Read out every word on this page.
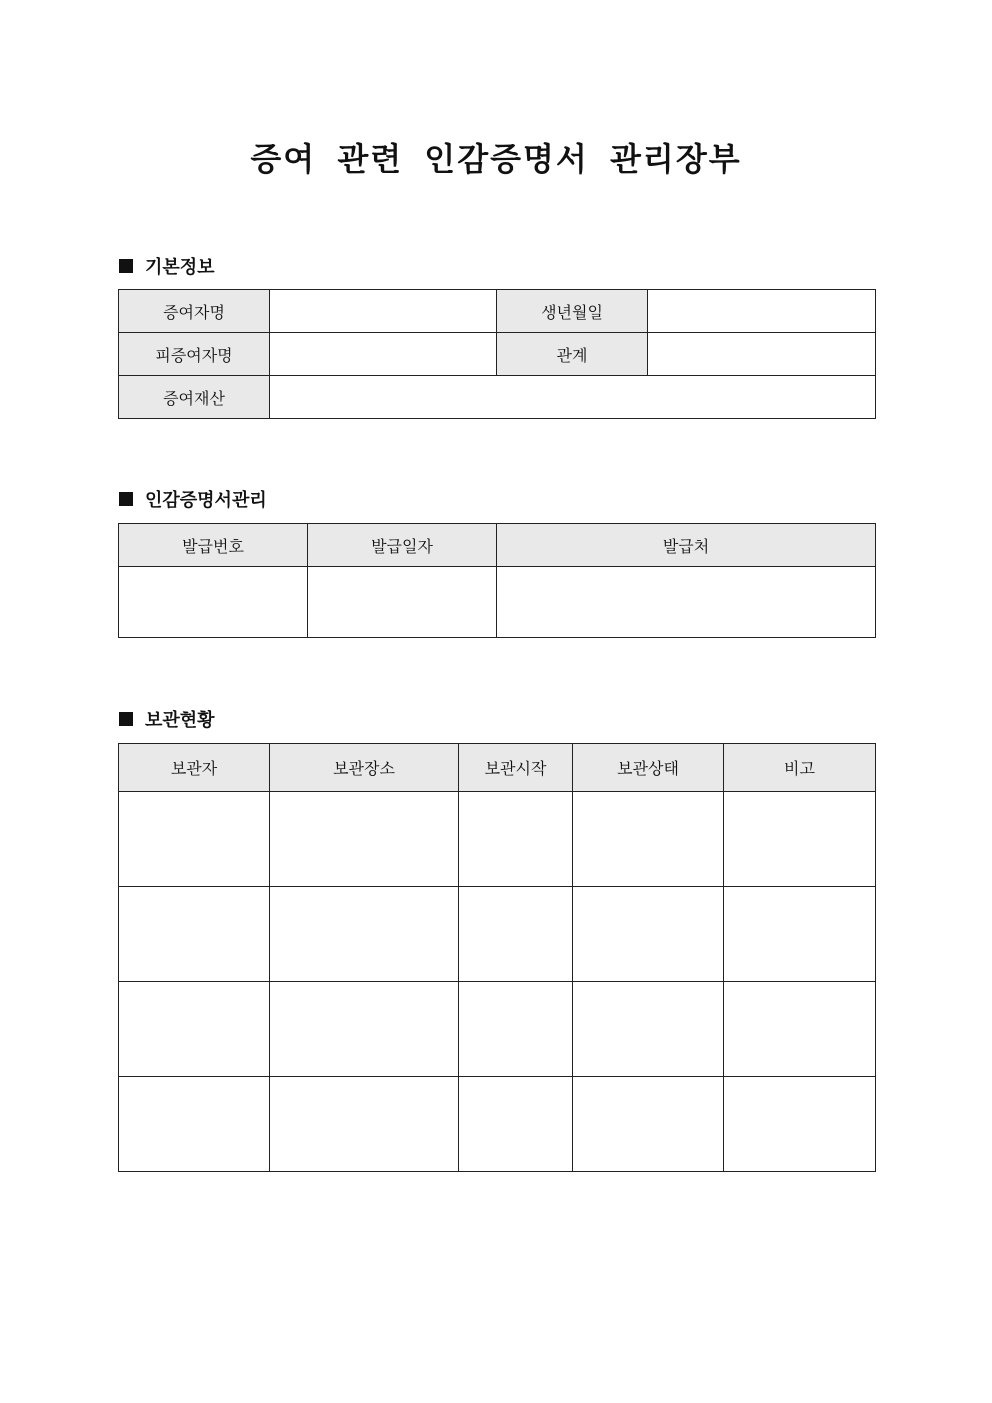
증여 관련 인감증명서 관리장부
기본정보
증여자명		생년월일	
피증여자명		관계	
증여재산			
인감증명서관리
발급번호	발급일자	발급처

보관현황
보관자	보관장소	보관시작	보관상태	비고
